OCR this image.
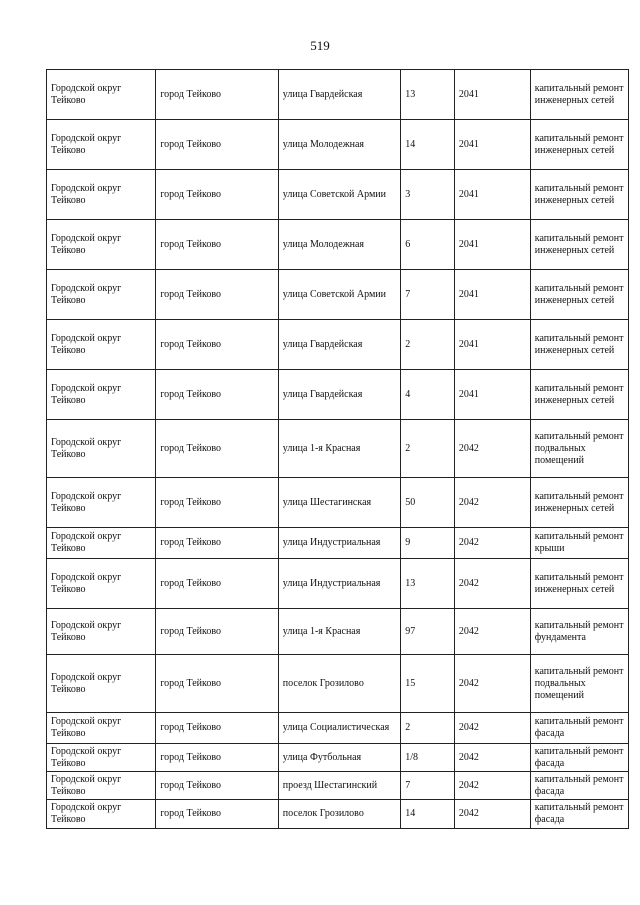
519
Городской округ Тейково	город Тейково	улица Гвардейская	13	2041	капитальный ремонт инженерных сетей
Городской округ Тейково	город Тейково	улица Молодежная	14	2041	капитальный ремонт инженерных сетей
Городской округ Тейково	город Тейково	улица Советской Армии	3	2041	капитальный ремонт инженерных сетей
Городской округ Тейково	город Тейково	улица Молодежная	6	2041	капитальный ремонт инженерных сетей
Городской округ Тейково	город Тейково	улица Советской Армии	7	2041	капитальный ремонт инженерных сетей
Городской округ Тейково	город Тейково	улица Гвардейская	2	2041	капитальный ремонт инженерных сетей
Городской округ Тейково	город Тейково	улица Гвардейская	4	2041	капитальный ремонт инженерных сетей
Городской округ Тейково	город Тейково	улица 1-я Красная	2	2042	капитальный ремонт подвальных помещений
Городской округ Тейково	город Тейково	улица Шестагинская	50	2042	капитальный ремонт инженерных сетей
Городской округ Тейково	город Тейково	улица Индустриальная	9	2042	капитальный ремонт крыши
Городской округ Тейково	город Тейково	улица Индустриальная	13	2042	капитальный ремонт инженерных сетей
Городской округ Тейково	город Тейково	улица 1-я Красная	97	2042	капитальный ремонт фундамента
Городской округ Тейково	город Тейково	поселок Грозилово	15	2042	капитальный ремонт подвальных помещений
Городской округ Тейково	город Тейково	улица Социалистическая	2	2042	капитальный ремонт фасада
Городской округ Тейково	город Тейково	улица Футбольная	1/8	2042	капитальный ремонт фасада
Городской округ Тейково	город Тейково	проезд Шестагинский	7	2042	капитальный ремонт фасада
Городской округ Тейково	город Тейково	поселок Грозилово	14	2042	капитальный ремонт фасада
